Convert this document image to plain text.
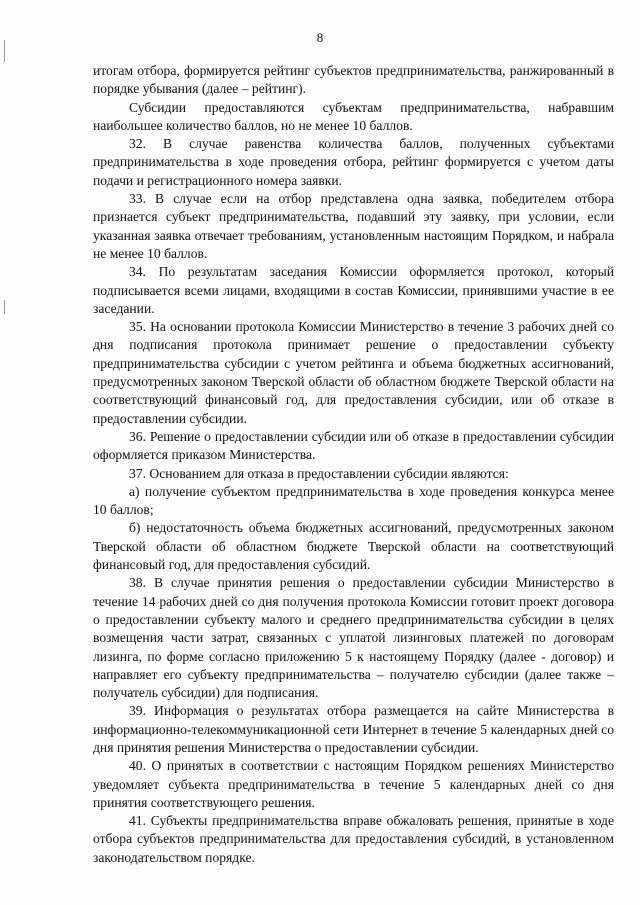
8

итогам отбора, формируется рейтинг субъектов предпринимательства, ранжированный в порядке убывания (далее – рейтинг).

Субсидии предоставляются субъектам предпринимательства, набравшим наибольшее количество баллов, но не менее 10 баллов.

32. В случае равенства количества баллов, полученных субъектами предпринимательства в ходе проведения отбора, рейтинг формируется с учетом даты подачи и регистрационного номера заявки.

33. В случае если на отбор представлена одна заявка, победителем отбора признается субъект предпринимательства, подавший эту заявку, при условии, если указанная заявка отвечает требованиям, установленным настоящим Порядком, и набрала не менее 10 баллов.

34. По результатам заседания Комиссии оформляется протокол, который подписывается всеми лицами, входящими в состав Комиссии, принявшими участие в ее заседании.

35. На основании протокола Комиссии Министерство в течение 3 рабочих дней со дня подписания протокола принимает решение о предоставлении субъекту предпринимательства субсидии с учетом рейтинга и объема бюджетных ассигнований, предусмотренных законом Тверской области об областном бюджете Тверской области на соответствующий финансовый год, для предоставления субсидии, или об отказе в предоставлении субсидии.

36. Решение о предоставлении субсидии или об отказе в предоставлении субсидии оформляется приказом Министерства.

37. Основанием для отказа в предоставлении субсидии являются:

а) получение субъектом предпринимательства в ходе проведения конкурса менее 10 баллов;

б) недостаточность объема бюджетных ассигнований, предусмотренных законом Тверской области об областном бюджете Тверской области на соответствующий финансовый год, для предоставления субсидий.

38. В случае принятия решения о предоставлении субсидии Министерство в течение 14 рабочих дней со дня получения протокола Комиссии готовит проект договора о предоставлении субъекту малого и среднего предпринимательства субсидии в целях возмещения части затрат, связанных с уплатой лизинговых платежей по договорам лизинга, по форме согласно приложению 5 к настоящему Порядку (далее - договор) и направляет его субъекту предпринимательства – получателю субсидии (далее также – получатель субсидии) для подписания.

39. Информация о результатах отбора размещается на сайте Министерства в информационно-телекоммуникационной сети Интернет в течение 5 календарных дней со дня принятия решения Министерства о предоставлении субсидии.

40. О принятых в соответствии с настоящим Порядком решениях Министерство уведомляет субъекта предпринимательства в течение 5 календарных дней со дня принятия соответствующего решения.

41. Субъекты предпринимательства вправе обжаловать решения, принятые в ходе отбора субъектов предпринимательства для предоставления субсидий, в установленном законодательством порядке.
